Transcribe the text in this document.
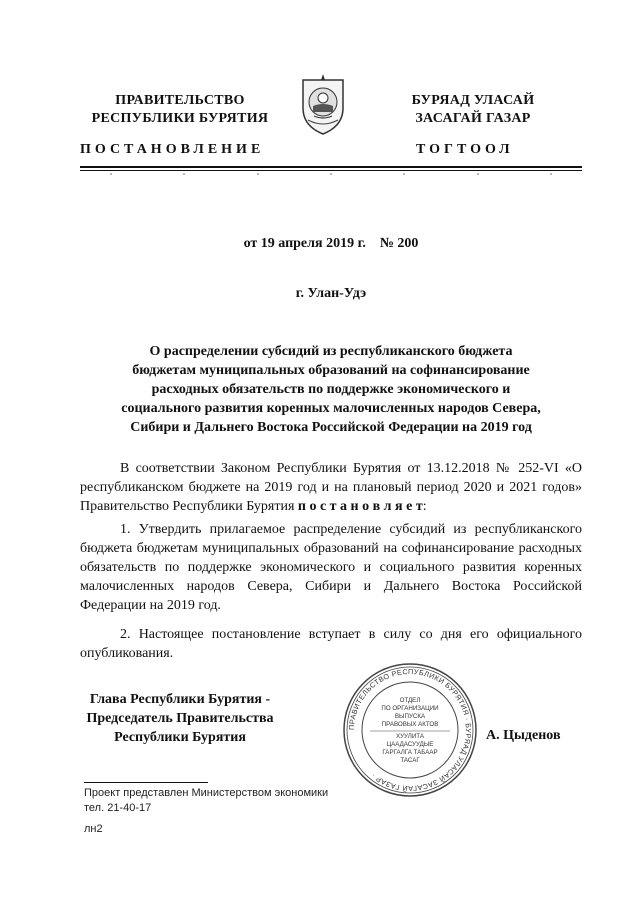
ПРАВИТЕЛЬСТВО
РЕСПУБЛИКИ БУРЯТИЯ
БУРЯАД УЛАСАЙ
ЗАСАГАЙ ГАЗАР
ПОСТАНОВЛЕНИЕ	ТОГТООЛ
от 19 апреля 2019 г.    № 200
г. Улан-Удэ
О распределении субсидий из республиканского бюджета
бюджетам муниципальных образований на софинансирование
расходных обязательств по поддержке экономического и
социального развития коренных малочисленных народов Севера,
Сибири и Дальнего Востока Российской Федерации на 2019 год
В соответствии Законом Республики Бурятия от 13.12.2018 № 252-VI «О республиканском бюджете на 2019 год и на плановый период 2020 и 2021 годов» Правительство Республики Бурятия п о с т а н о в л я е т:
1. Утвердить прилагаемое распределение субсидий из республиканского бюджета бюджетам муниципальных образований на софинансирование расходных обязательств по поддержке экономического и социального развития коренных малочисленных народов Севера, Сибири и Дальнего Востока Российской Федерации на 2019 год.
2. Настоящее постановление вступает в силу со дня его официального опубликования.
Глава Республики Бурятия -
Председатель Правительства
Республики Бурятия	А. Цыденов
ПРАВИТЕЛЬСТВО РЕСПУБЛИКИ БУРЯТИЯ · БУРЯАД УЛАСАЙ ЗАСАГАЙ ГАЗАР ·
ОТДЕЛ
ПО ОРГАНИЗАЦИИ
ВЫПУСКА
ПРАВОВЫХ АКТОВ
ХУУЛИТА
ЦААДАСУУДЫЕ
ГАРГАЛГА ТАБААР
ТАСАГ
Проект представлен Министерством экономики
тел. 21-40-17
лн2
